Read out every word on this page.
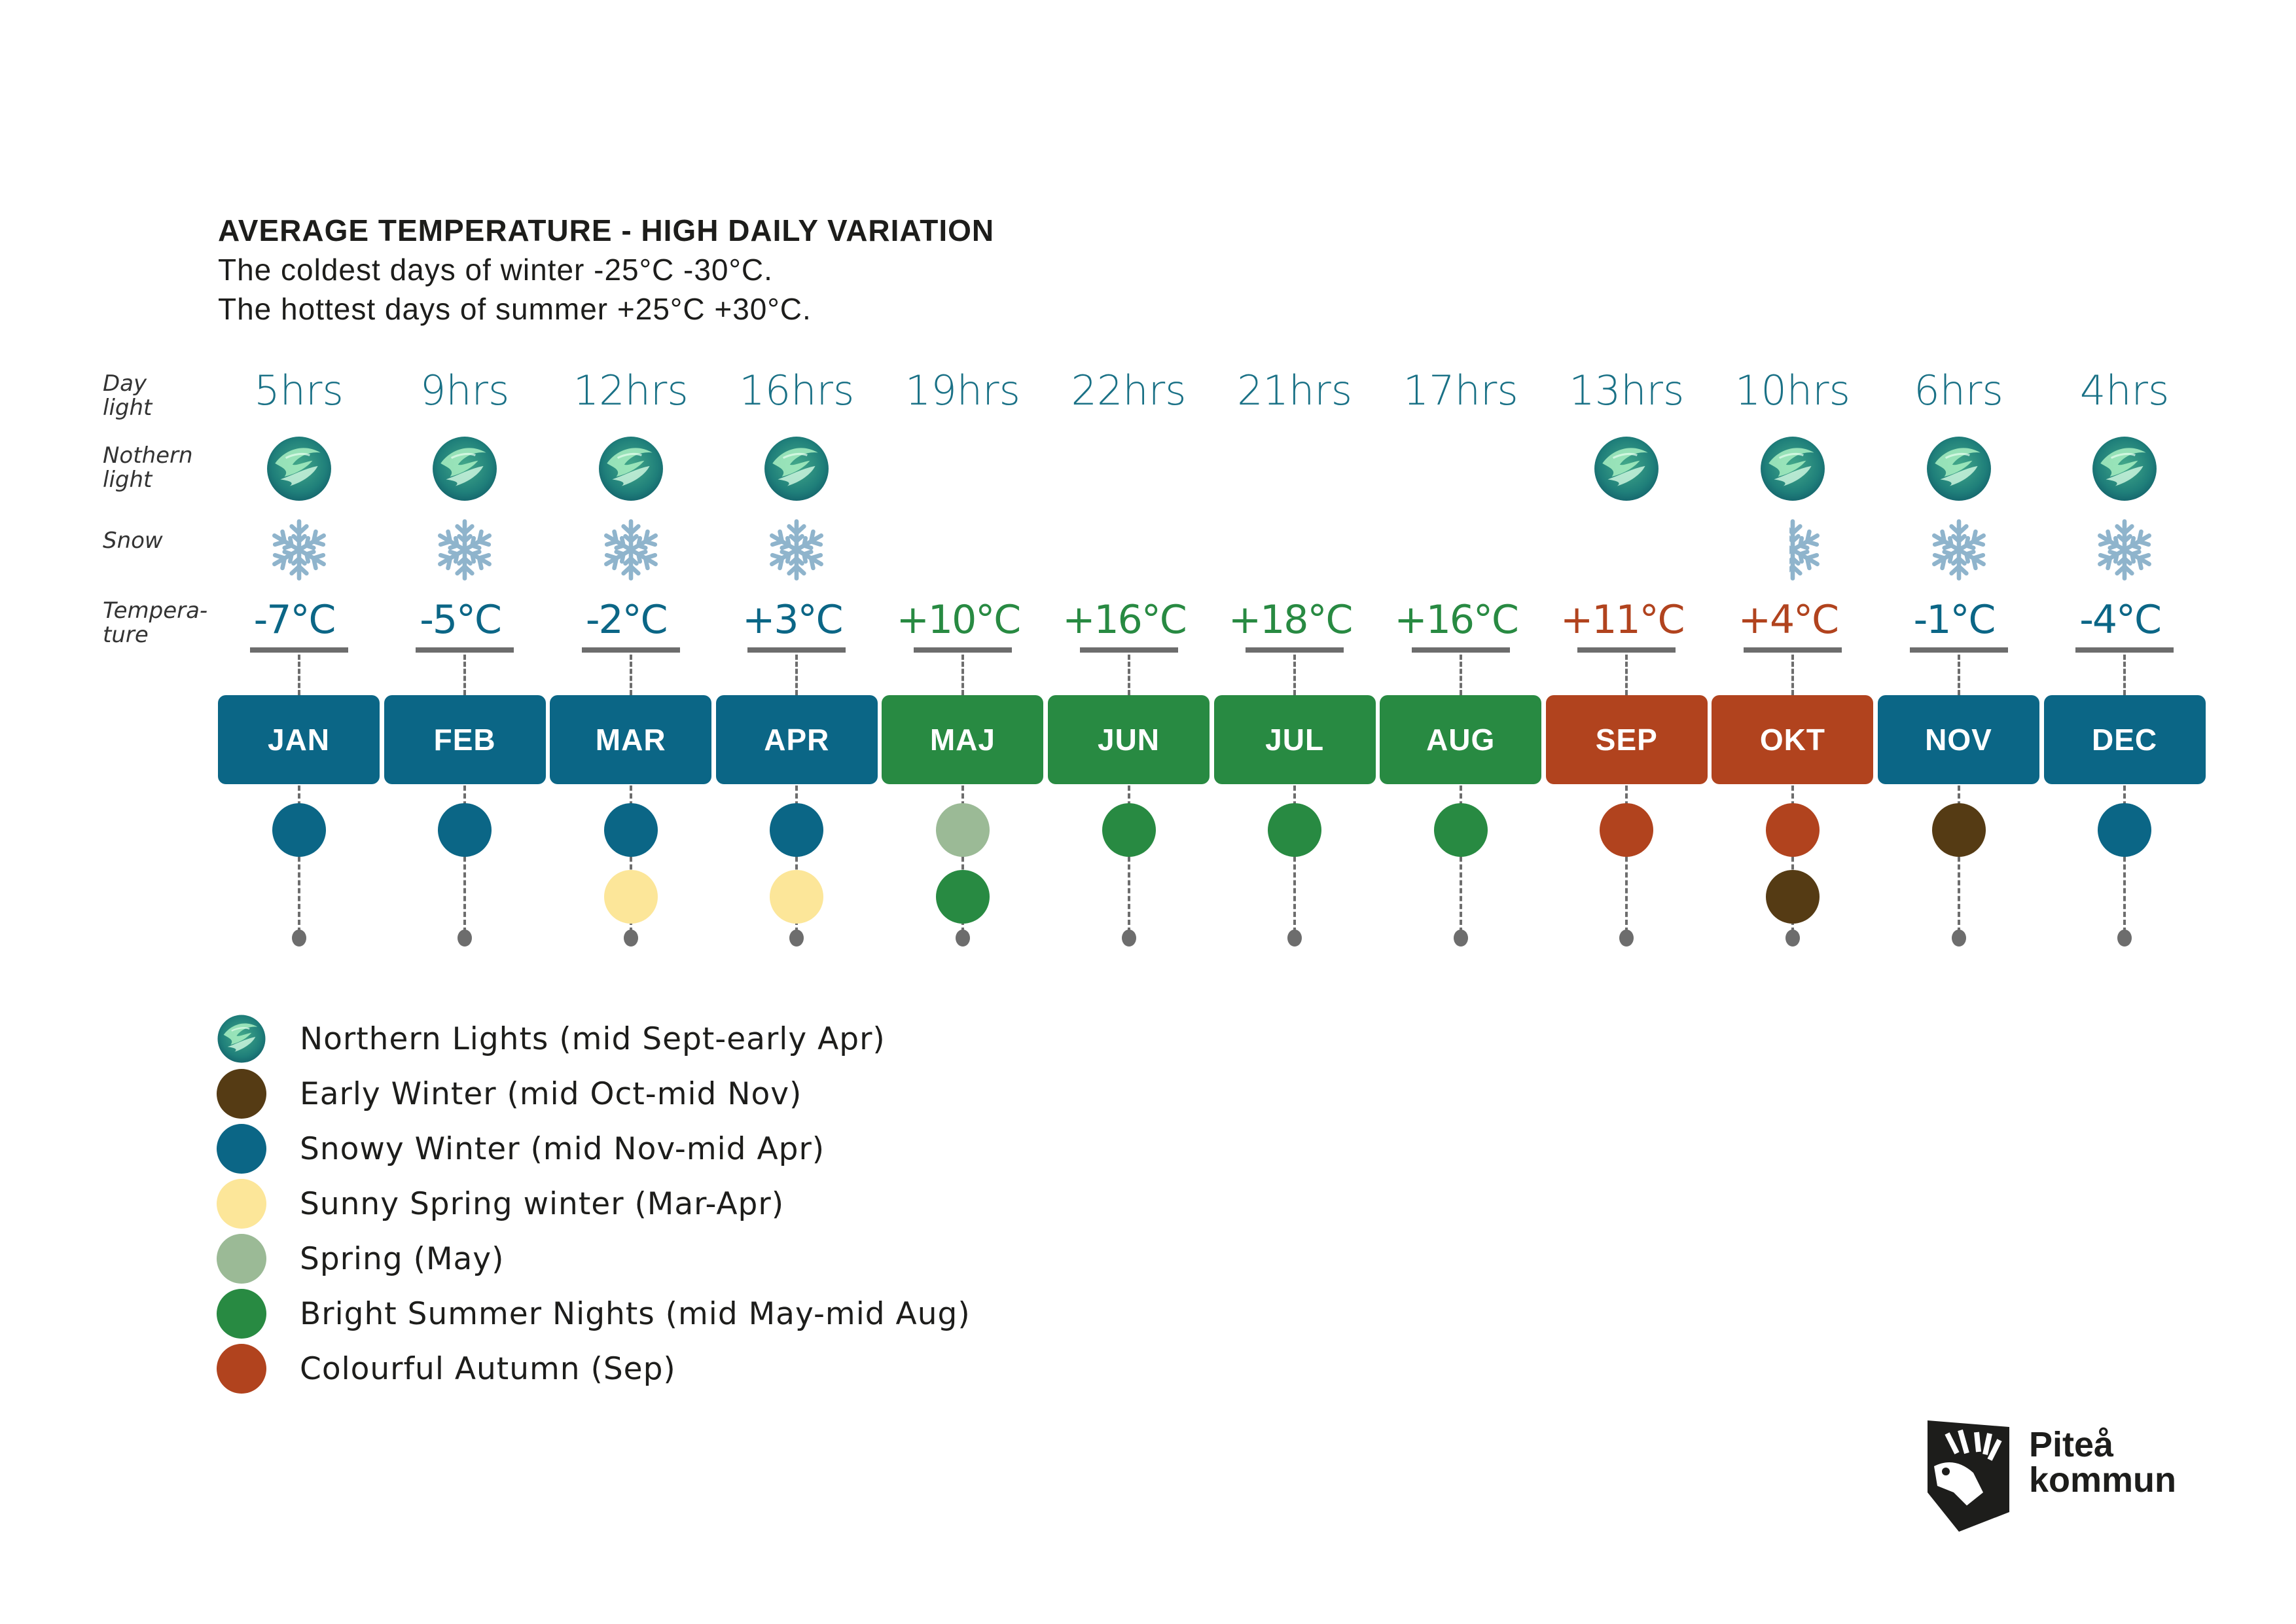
AVERAGE TEMPERATURE - HIGH DAILY VARIATION
The coldest days of winter -25°C -30°C.
The hottest days of summer +25°C +30°C.
Day
light
Nothern
light
Snow
Tempera-
ture
5hrs
-7°C
JAN
9hrs
-5°C
FEB
12hrs
-2°C
MAR
16hrs
+3°C
APR
19hrs
+10°C
MAJ
22hrs
+16°C
JUN
21hrs
+18°C
JUL
17hrs
+16°C
AUG
13hrs
+11°C
SEP
10hrs
+4°C
OKT
6hrs
-1°C
NOV
4hrs
-4°C
DEC
Northern Lights (mid Sept-early Apr)
Early Winter (mid Oct-mid Nov)
Snowy Winter (mid Nov-mid Apr)
Sunny Spring winter (Mar-Apr)
Spring (May)
Bright Summer Nights (mid May-mid Aug)
Colourful Autumn (Sep)
Piteå
kommun
